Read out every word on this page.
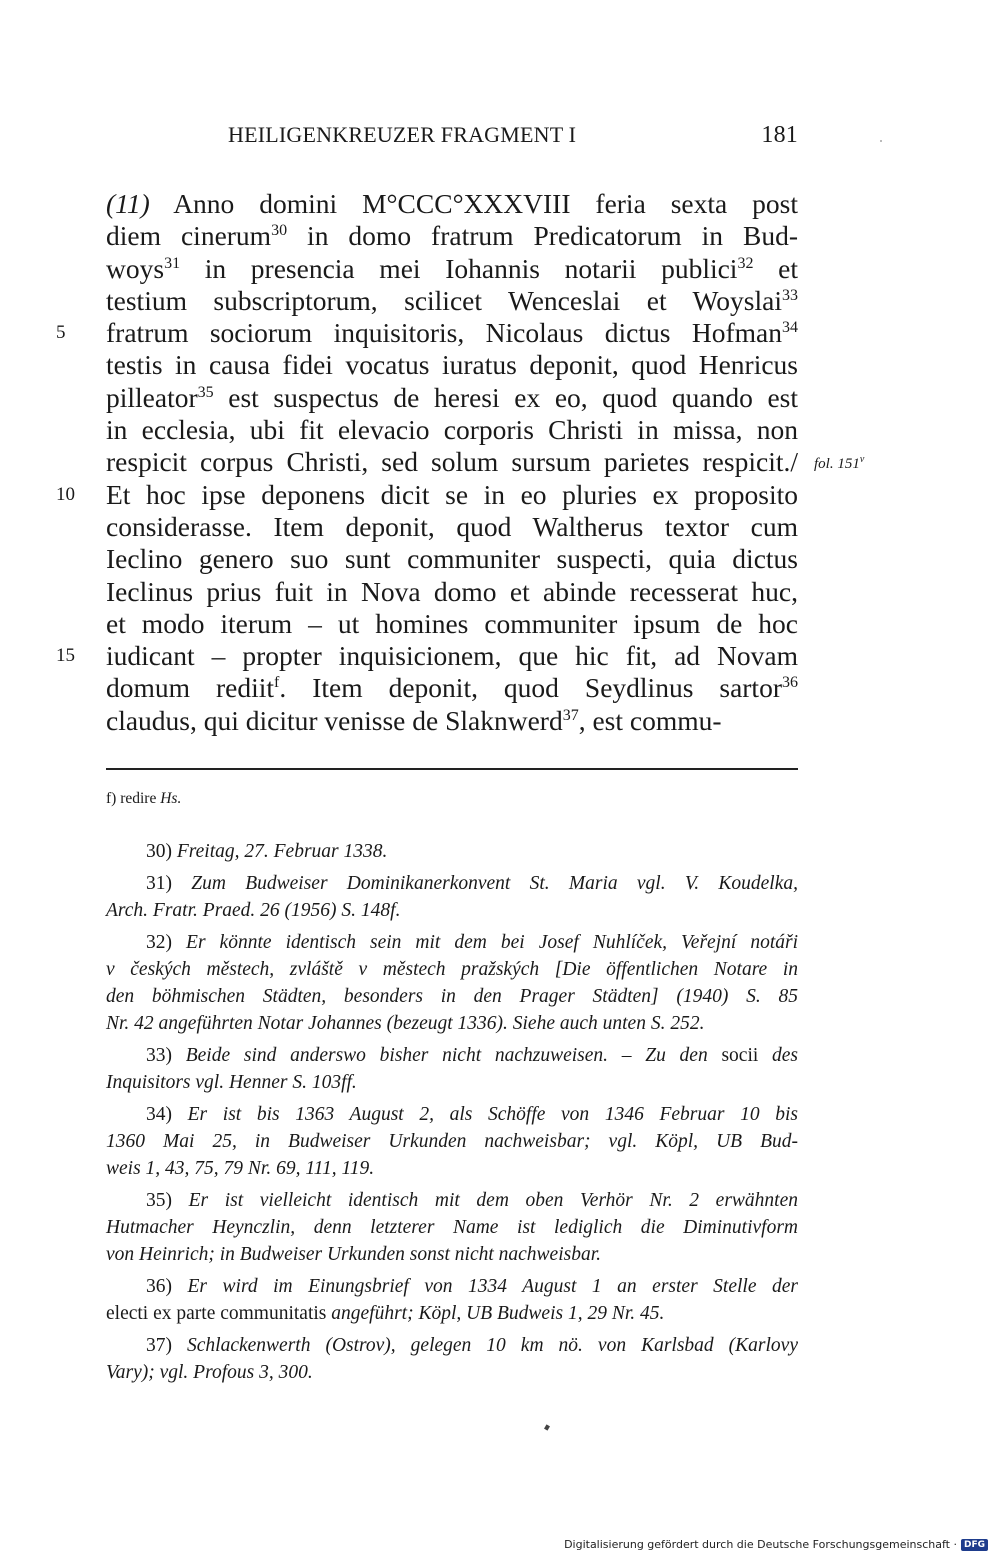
HEILIGENKREUZER FRAGMENT I	181
(11) Anno domini M°CCC°XXXVIII feria sexta post
diem cinerum$^{30}$ in domo fratrum Predicatorum in Bud-
woys$^{31}$ in presencia mei Iohannis notarii publici$^{32}$ et
testium subscriptorum, scilicet Wenceslai et Woyslai$^{33}$
fratrum sociorum inquisitoris, Nicolaus dictus Hofman$^{34}$
5
testis in causa fidei vocatus iuratus deponit, quod Henricus
pilleator$^{35}$ est suspectus de heresi ex eo, quod quando est
in ecclesia, ubi fit elevacio corporis Christi in missa, non
respicit corpus Christi, sed solum sursum parietes respicit./ fol. 151$^v$
Et hoc ipse deponens dicit se in eo pluries ex proposito
10
considerasse. Item deponit, quod Waltherus textor cum
Ieclino genero suo sunt communiter suspecti, quia dictus
Ieclinus prius fuit in Nova domo et abinde recesserat huc,
et modo iterum – ut homines communiter ipsum de hoc
iudicant – propter inquisicionem, que hic fit, ad Novam
15
domum rediit$^f$. Item deponit, quod Seydlinus sartor$^{36}$
claudus, qui dicitur venisse de Slaknwerd$^{37}$, est commu-
f) redire Hs.
30) Freitag, 27. Februar 1338.
31) Zum Budweiser Dominikanerkonvent St. Maria vgl. V. Koudelka,
Arch. Fratr. Praed. 26 (1956) S. 148f.
32) Er könnte identisch sein mit dem bei Josef Nuhlíček, Veřejní notáři
v českých městech, zvláště v městech pražských [Die öffentlichen Notare in
den böhmischen Städten, besonders in den Prager Städten] (1940) S. 85
Nr. 42 angeführten Notar Johannes (bezeugt 1336). Siehe auch unten S. 252.
33) Beide sind anderswo bisher nicht nachzuweisen. – Zu den socii des
Inquisitors vgl. Henner S. 103ff.
34) Er ist bis 1363 August 2, als Schöffe von 1346 Februar 10 bis
1360 Mai 25, in Budweiser Urkunden nachweisbar; vgl. Köpl, UB Bud-
weis 1, 43, 75, 79 Nr. 69, 111, 119.
35) Er ist vielleicht identisch mit dem oben Verhör Nr. 2 erwähnten
Hutmacher Heynczlin, denn letzterer Name ist lediglich die Diminutivform
von Heinrich; in Budweiser Urkunden sonst nicht nachweisbar.
36) Er wird im Einungsbrief von 1334 August 1 an erster Stelle der
electi ex parte communitatis angeführt; Köpl, UB Budweis 1, 29 Nr. 45.
37) Schlackenwerth (Ostrov), gelegen 10 km nö. von Karlsbad (Karlovy
Vary); vgl. Profous 3, 300.
Digitalisierung gefördert durch die Deutsche Forschungsgemeinschaft · DFG
